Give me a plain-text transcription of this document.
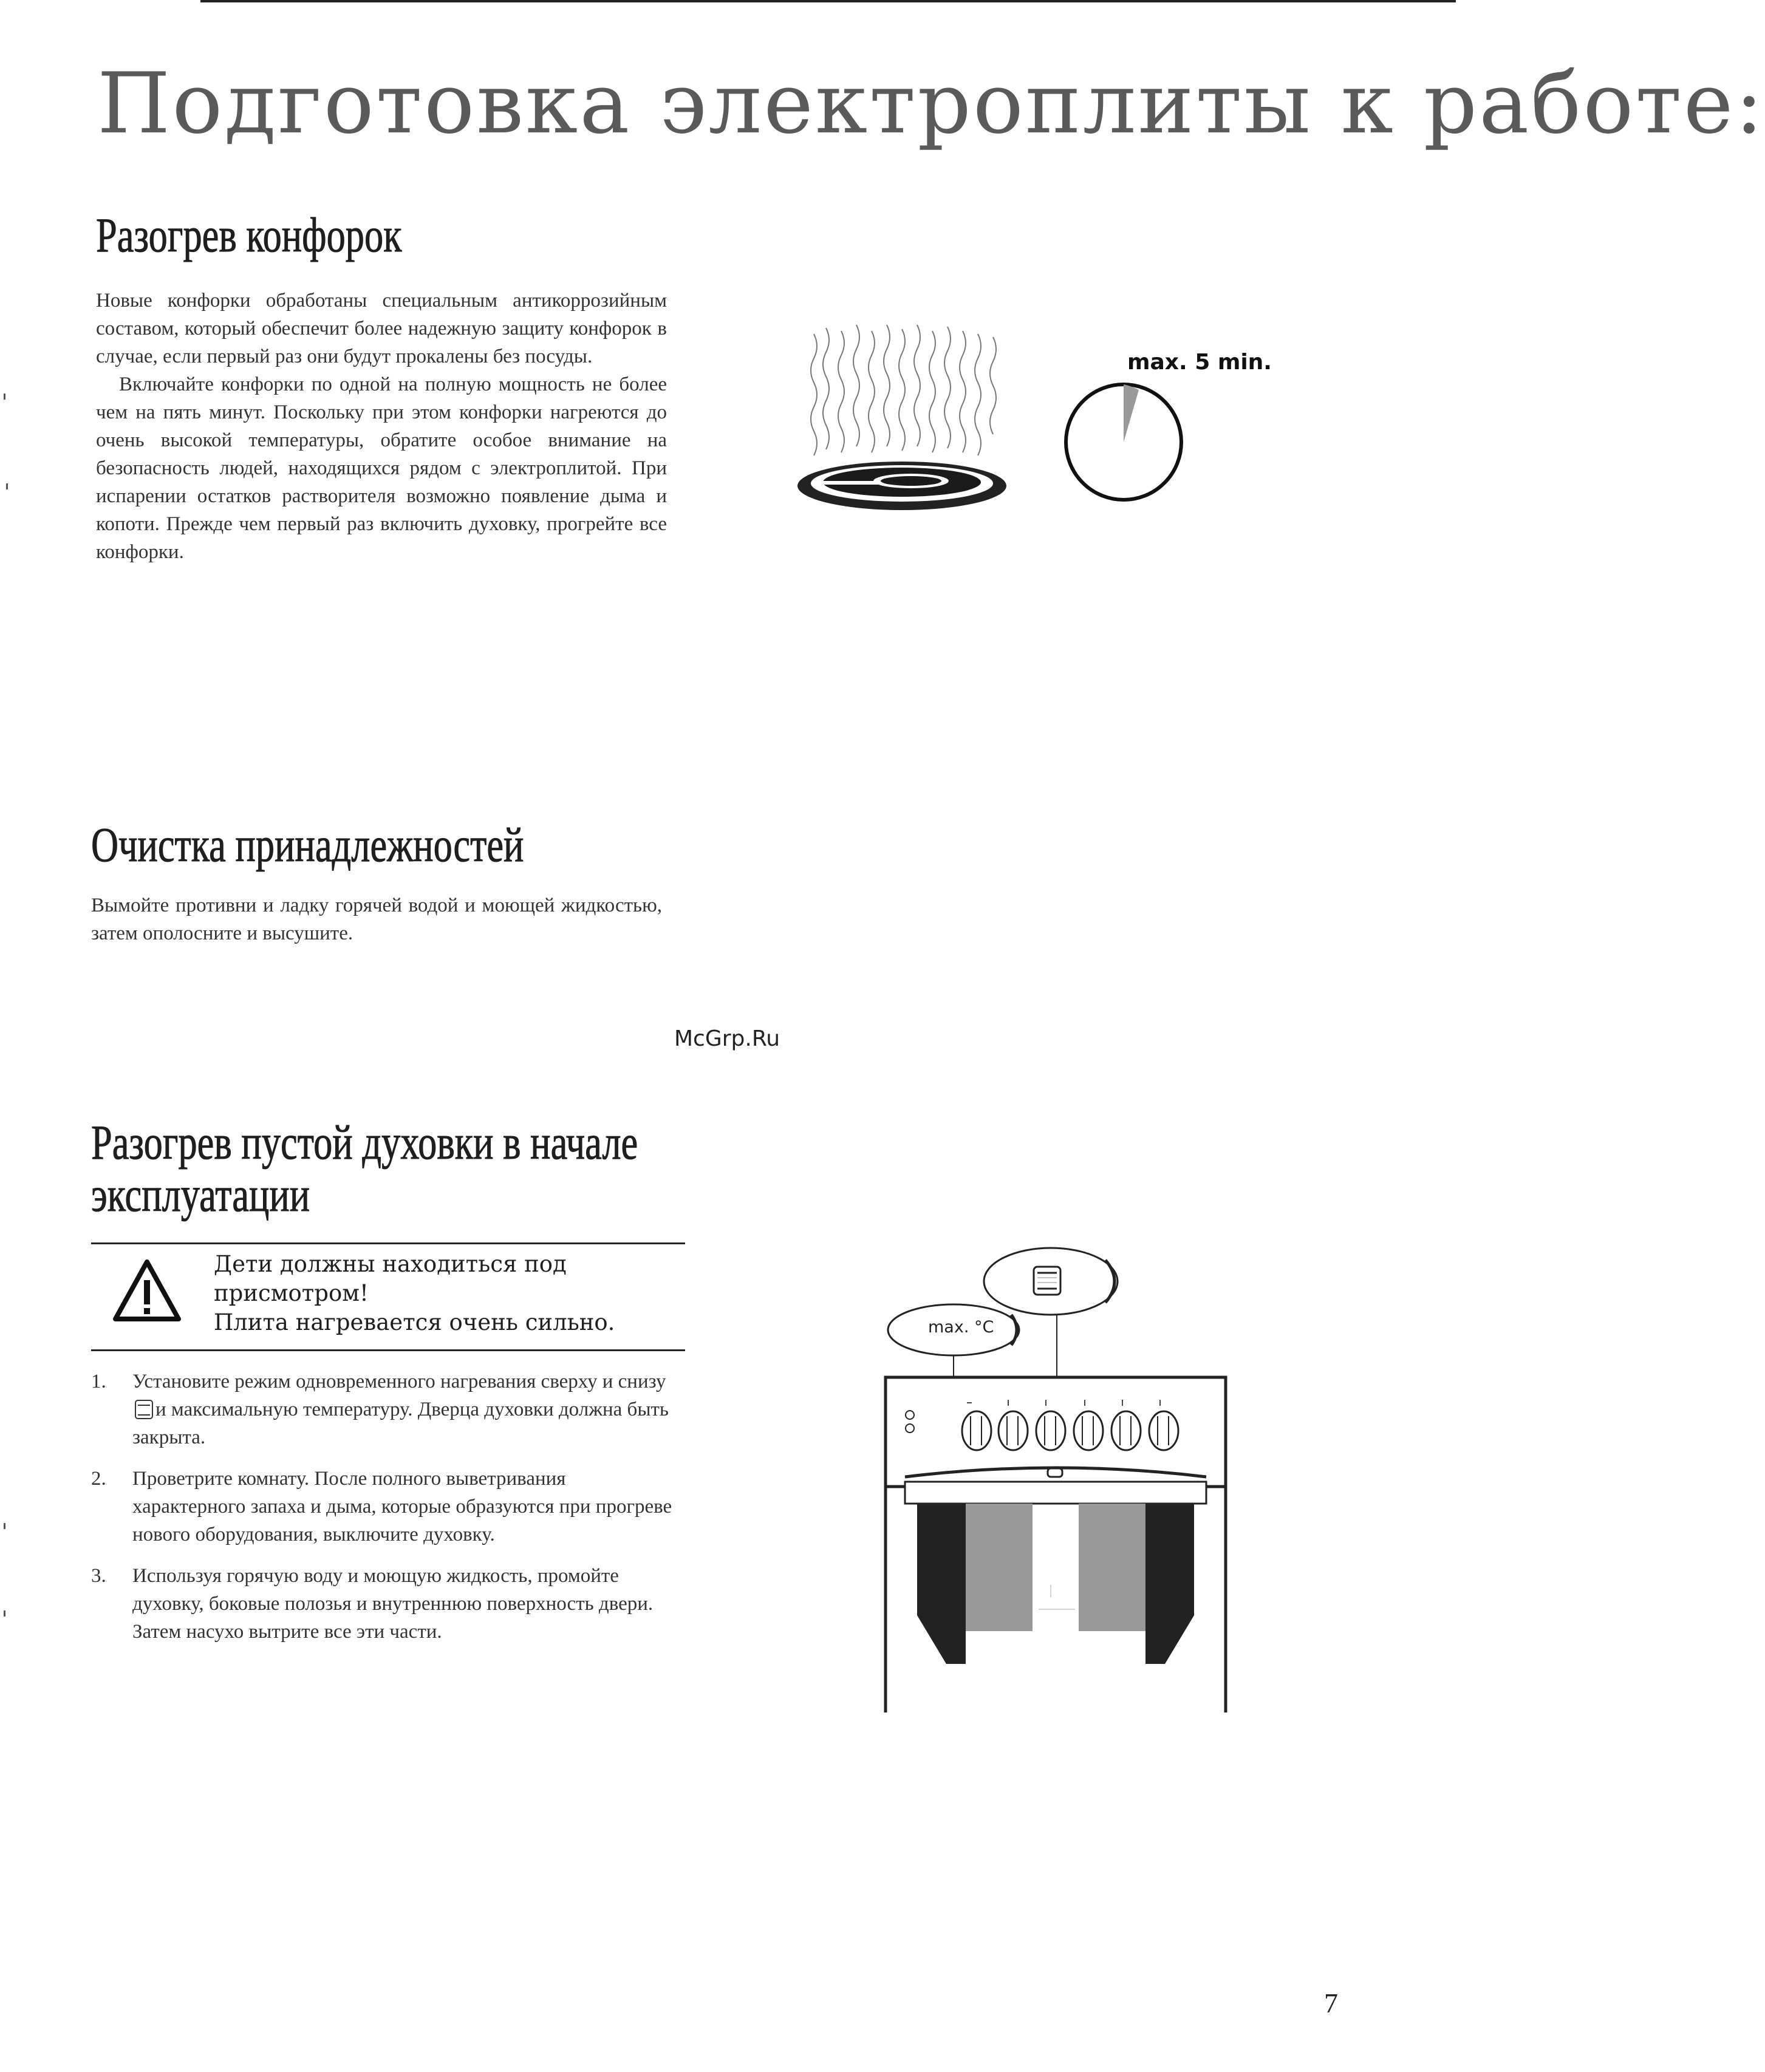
Подготовка электроплиты к работе:
Разогрев конфорок

Новые конфорки обработаны специальным антикоррозийным составом, который обеспечит более надежную защиту конфорок в случае, если первый раз они будут прокалены без посуды.

Включайте конфорки по одной на полную мощность не более чем на пять минут. Поскольку при этом конфорки нагреются до очень высокой температуры, обратите особое внимание на безопасность людей, находящихся рядом с электроплитой. При испарении остатков растворителя возможно появление дыма и копоти. Прежде чем первый раз включить духовку, прогрейте все конфорки.

max. 5 min.
Очистка принадлежностей

Вымойте противни и ладку горячей водой и моющей жидкостью, затем ополосните и высушите.

McGrp.Ru
Разогрев пустой духовки в начале
эксплуатации
Дети должны находиться под
присмотром!
Плита нагревается очень сильно.
1.	Установите режим одновременного нагревания сверху и снизуи максимальную температуру. Дверца духовки должна быть закрыта.
2.	Проветрите комнату. После полного выветривания характерного запаха и дыма, которые образуются при прогреве нового оборудования, выключите духовку.
3.	Используя горячую воду и моющую жидкость, промойте духовку, боковые полозья и внутреннюю поверхность двери. Затем насухо вытрите все эти части.
max. °C
7
